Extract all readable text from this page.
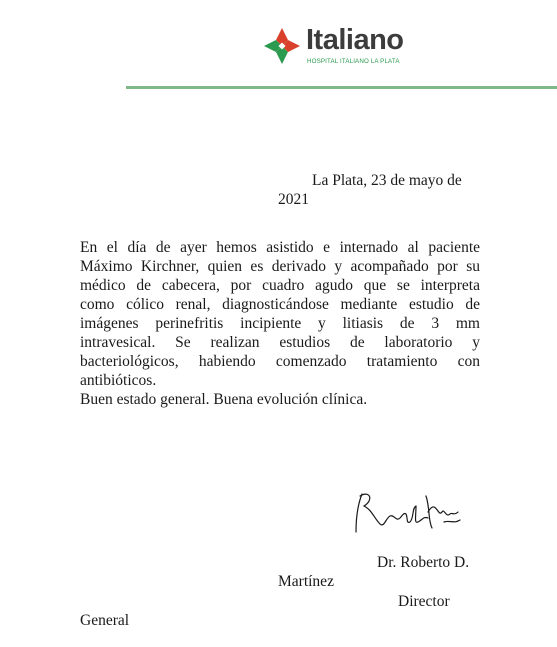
Italiano
HOSPITAL ITALIANO LA PLATA
La Plata, 23 de mayo de
2021
En el día de ayer hemos asistido e internado al paciente
Máximo Kirchner, quien es derivado y acompañado por su
médico de cabecera, por cuadro agudo que se interpreta
como cólico renal, diagnosticándose mediante estudio de
imágenes perinefritis incipiente y litiasis de 3 mm
intravesical. Se realizan estudios de laboratorio y
bacteriológicos, habiendo comenzado tratamiento con
antibióticos.
Buen estado general. Buena evolución clínica.
Dr. Roberto D.
Martínez
Director
General
